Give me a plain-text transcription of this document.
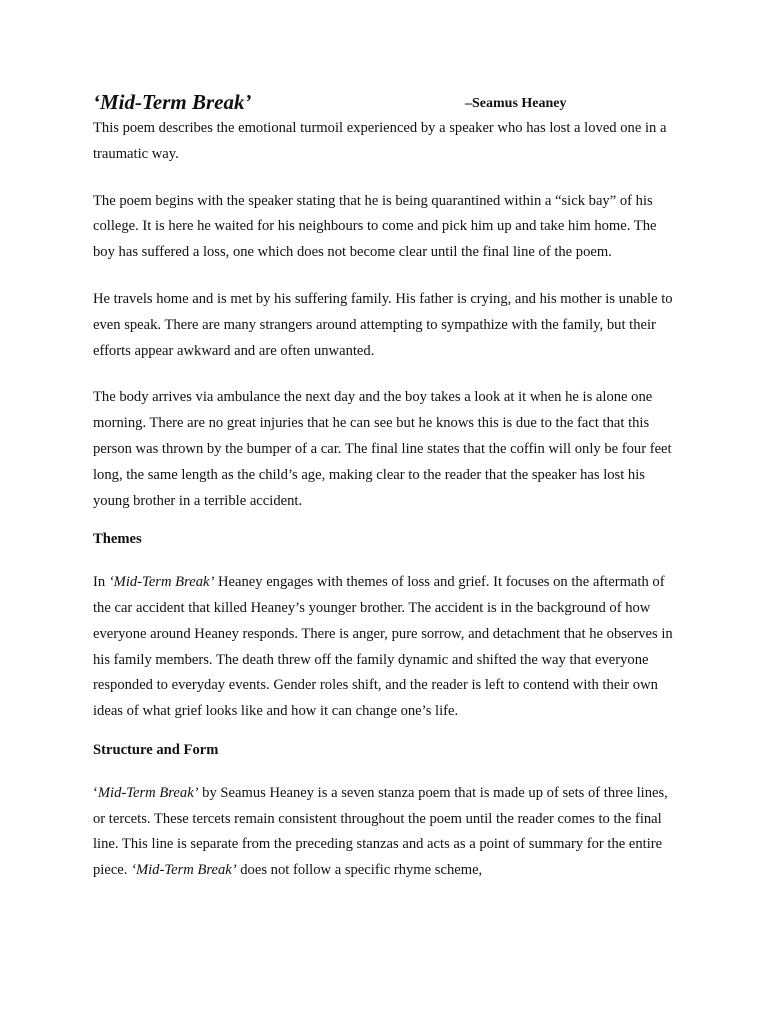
‘Mid-Term Break’	–Seamus Heaney

This poem describes the emotional turmoil experienced by a speaker who has lost a loved one in a traumatic way.

The poem begins with the speaker stating that he is being quarantined within a “sick bay” of his college. It is here he waited for his neighbours to come and pick him up and take him home. The boy has suffered a loss, one which does not become clear until the final line of the poem.

He travels home and is met by his suffering family. His father is crying, and his mother is unable to even speak. There are many strangers around attempting to sympathize with the family, but their efforts appear awkward and are often unwanted.

The body arrives via ambulance the next day and the boy takes a look at it when he is alone one morning. There are no great injuries that he can see but he knows this is due to the fact that this person was thrown by the bumper of a car. The final line states that the coffin will only be four feet long, the same length as the child’s age, making clear to the reader that the speaker has lost his young brother in a terrible accident.

Themes

In ‘Mid-Term Break’ Heaney engages with themes of loss and grief. It focuses on the aftermath of the car accident that killed Heaney’s younger brother. The accident is in the background of how everyone around Heaney responds. There is anger, pure sorrow, and detachment that he observes in his family members. The death threw off the family dynamic and shifted the way that everyone responded to everyday events. Gender roles shift, and the reader is left to contend with their own ideas of what grief looks like and how it can change one’s life.

Structure and Form

‘Mid-Term Break’ by Seamus Heaney is a seven stanza poem that is made up of sets of three lines, or tercets. These tercets remain consistent throughout the poem until the reader comes to the final line. This line is separate from the preceding stanzas and acts as a point of summary for the entire piece. ‘Mid-Term Break’ does not follow a specific rhyme scheme,
